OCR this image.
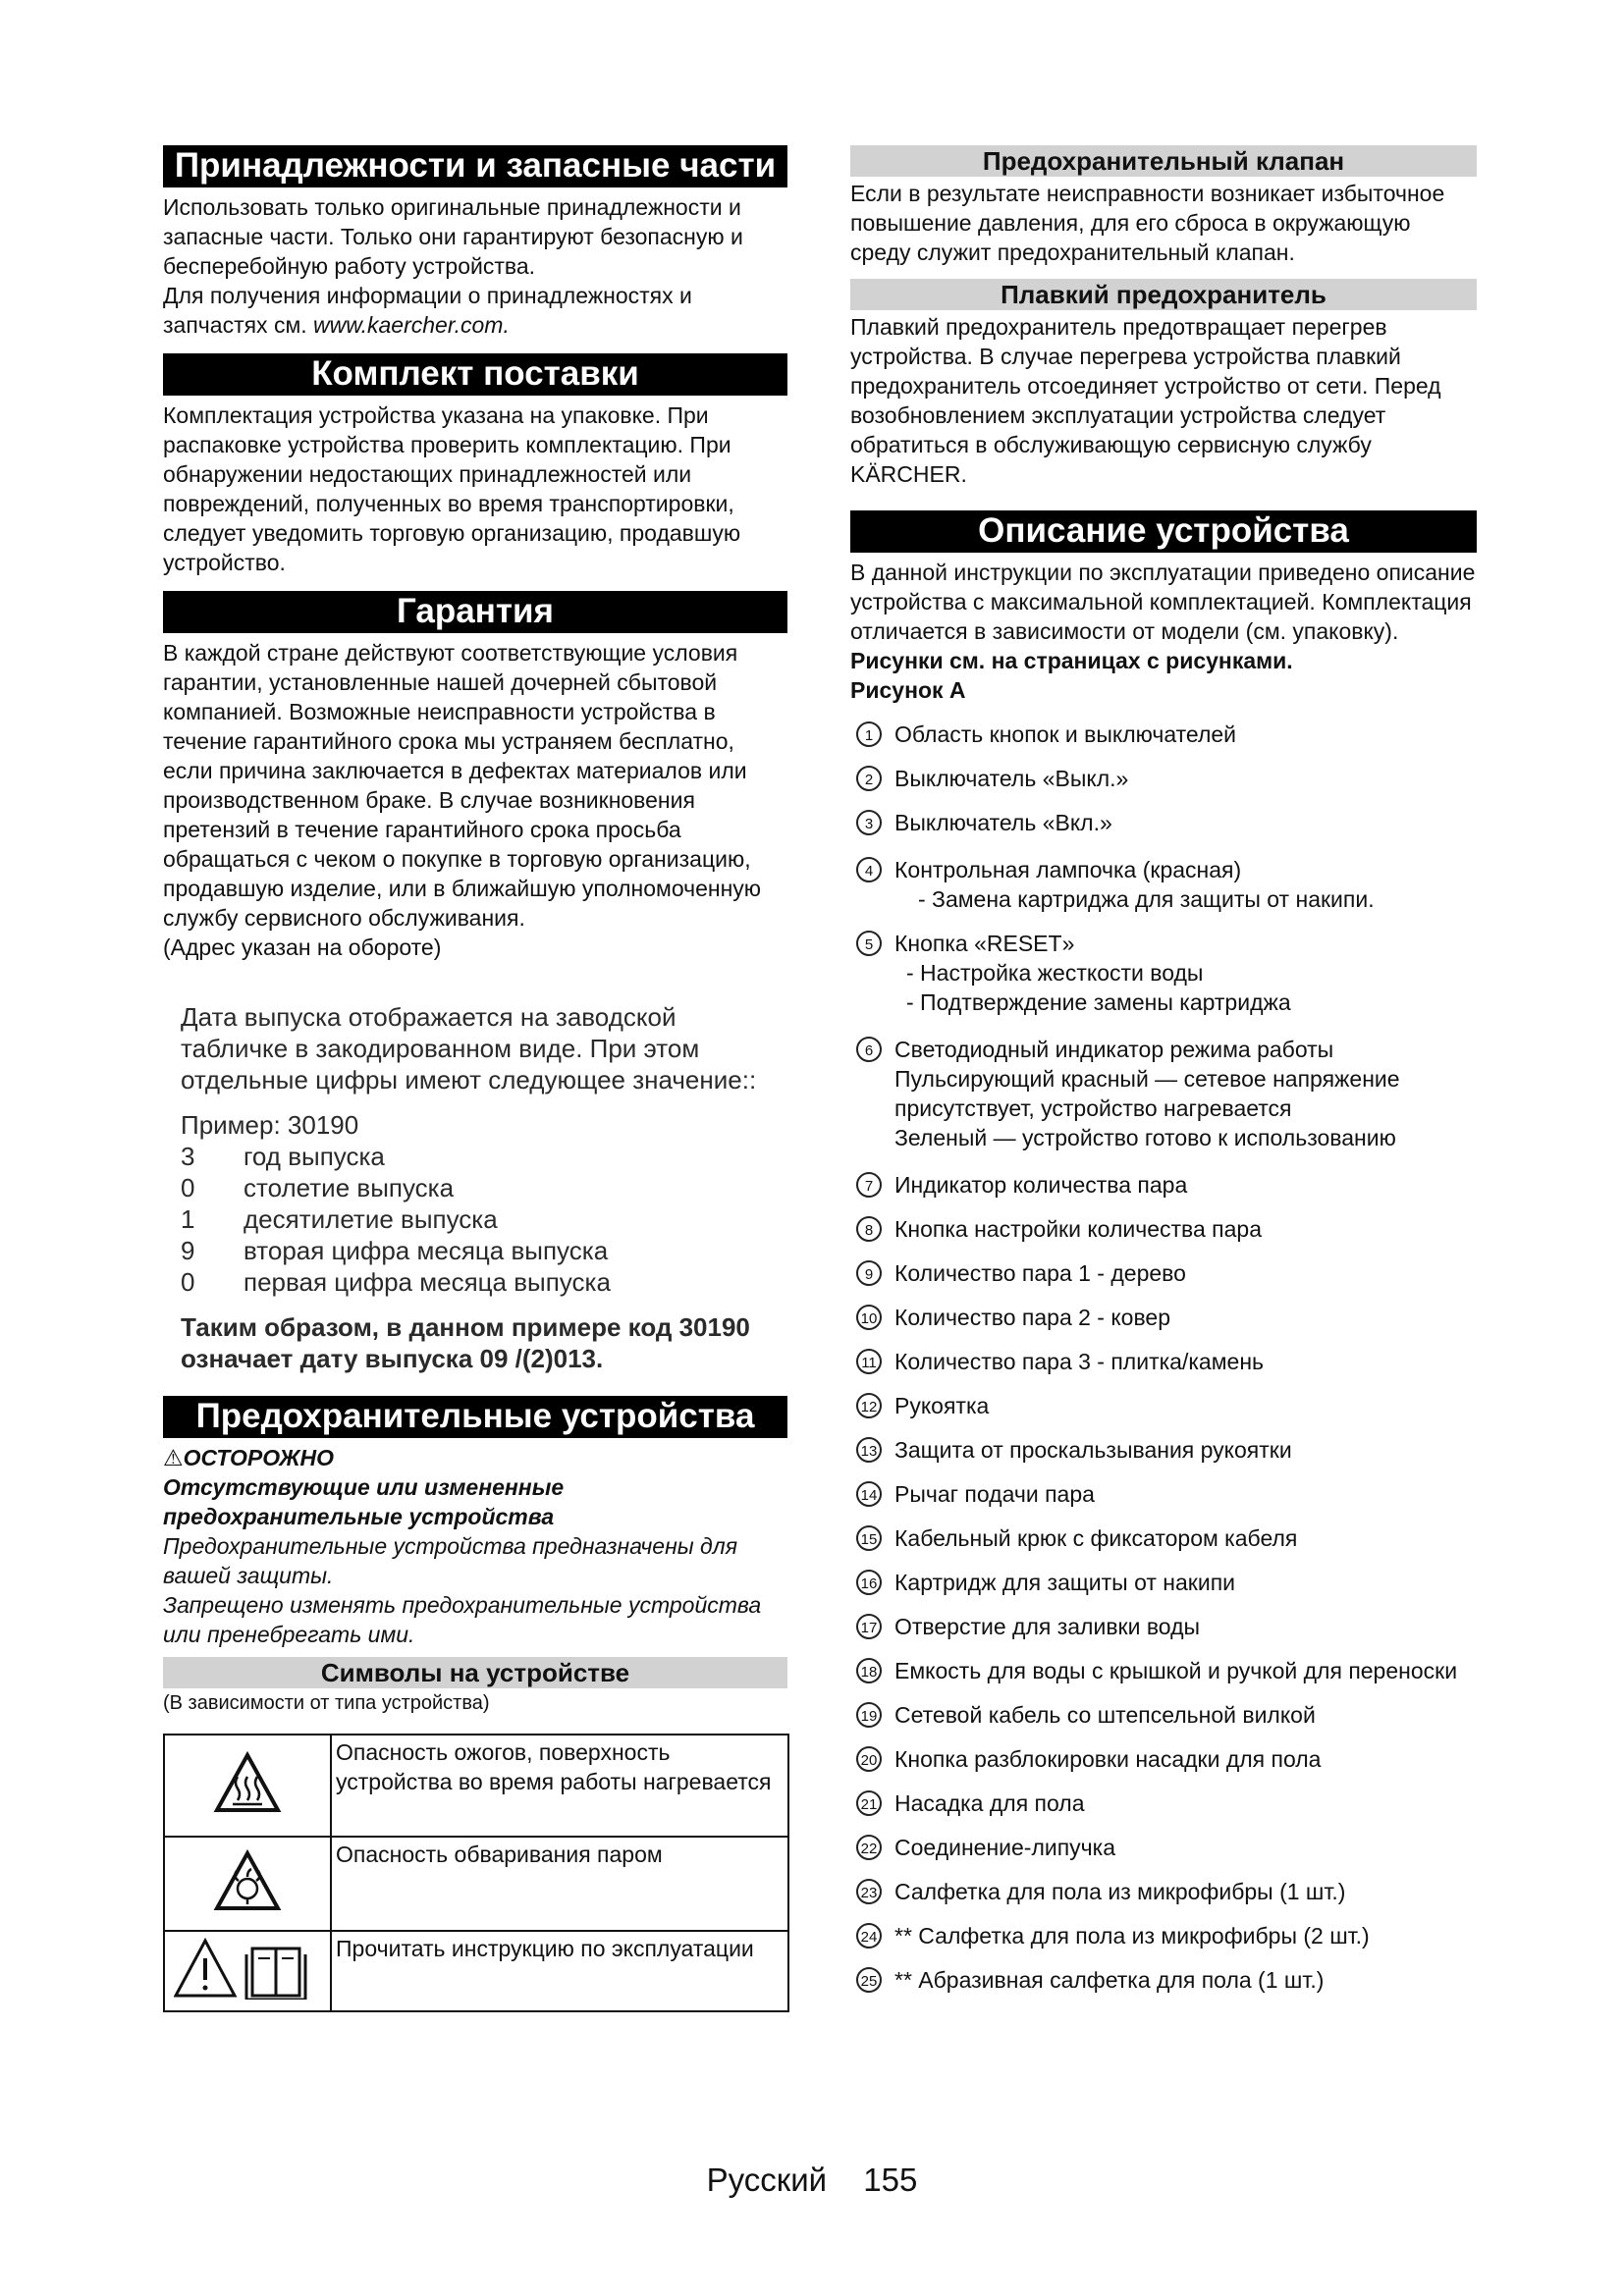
Принадлежности и запасные части
Использовать только оригинальные принадлежности и запасные части. Только они гарантируют безопасную и бесперебойную работу устройства.
Для получения информации о принадлежностях и запчастях см. www.kaercher.com.
Комплект поставки
Комплектация устройства указана на упаковке. При распаковке устройства проверить комплектацию. При обнаружении недостающих принадлежностей или повреждений, полученных во время транспортировки, следует уведомить торговую организацию, продавшую устройство.
Гарантия
В каждой стране действуют соответствующие условия гарантии, установленные нашей дочерней сбытовой компанией. Возможные неисправности устройства в течение гарантийного срока мы устраняем бесплатно, если причина заключается в дефектах материалов или производственном браке. В случае возникновения претензий в течение гарантийного срока просьба обращаться с чеком о покупке в торговую организацию, продавшую изделие, или в ближайшую уполномоченную службу сервисного обслуживания.
(Адрес указан на обороте)
Дата выпуска отображается на заводской табличке в закодированном виде. При этом отдельные цифры имеют следующее значение::
Пример: 30190
3	год выпуска
0	столетие выпуска
1	десятилетие выпуска
9	вторая цифра месяца выпуска
0	первая цифра месяца выпуска
Таким образом, в данном примере код 30190 означает дату выпуска 09 /(2)013.
Предохранительные устройства
⚠ОСТОРОЖНО
Отсутствующие или измененные предохранительные устройства
Предохранительные устройства предназначены для вашей защиты.
Запрещено изменять предохранительные устройства или пренебрегать ими.
Символы на устройстве
(В зависимости от типа устройства)
	Опасность ожогов, поверхность устройства во время работы нагревается
	Опасность обваривания паром
	Прочитать инструкцию по эксплуатации
Предохранительный клапан
Если в результате неисправности возникает избыточное повышение давления, для его сброса в окружающую среду служит предохранительный клапан.
Плавкий предохранитель
Плавкий предохранитель предотвращает перегрев устройства. В случае перегрева устройства плавкий предохранитель отсоединяет устройство от сети. Перед возобновлением эксплуатации устройства следует обратиться в обслуживающую сервисную службу KÄRCHER.
Описание устройства
В данной инструкции по эксплуатации приведено описание устройства с максимальной комплектацией. Комплектация отличается в зависимости от модели (см. упаковку).
Рисунки см. на страницах с рисунками.
Рисунок А
1 Область кнопок и выключателей
2 Выключатель «Выкл.»
3 Выключатель «Вкл.»
4 Контрольная лампочка (красная)
- Замена картриджа для защиты от накипи.
5 Кнопка «RESET»
- Настройка жесткости воды
- Подтверждение замены картриджа
6 Светодиодный индикатор режима работы
Пульсирующий красный — сетевое напряжение присутствует, устройство нагревается
Зеленый — устройство готово к использованию
7 Индикатор количества пара
8 Кнопка настройки количества пара
9 Количество пара 1 - дерево
10 Количество пара 2 - ковер
11 Количество пара 3 - плитка/камень
12 Рукоятка
13 Защита от проскальзывания рукоятки
14 Рычаг подачи пара
15 Кабельный крюк с фиксатором кабеля
16 Картридж для защиты от накипи
17 Отверстие для заливки воды
18 Емкость для воды с крышкой и ручкой для переноски
19 Сетевой кабель со штепсельной вилкой
20 Кнопка разблокировки насадки для пола
21 Насадка для пола
22 Соединение-липучка
23 Салфетка для пола из микрофибры (1 шт.)
24 ** Салфетка для пола из микрофибры (2 шт.)
25 ** Абразивная салфетка для пола (1 шт.)
Русский 155
